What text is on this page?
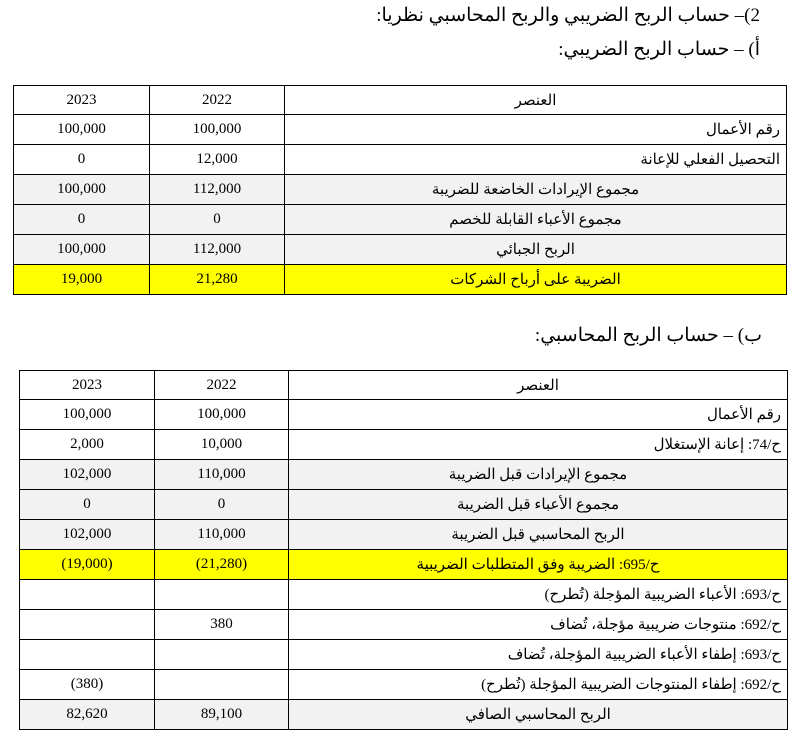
2)– حساب الربح الضريبي والربح المحاسبي نظريا:
أ) – حساب الربح الضريبي:
2023	2022	العنصر
100,000	100,000	رقم الأعمال
0	12,000	التحصيل الفعلي للإعانة
100,000	112,000	مجموع الإيرادات الخاضعة للضريبة
0	0	مجموع الأعباء القابلة للخصم
100,000	112,000	الربح الجبائي
19,000	21,280	الضريبة على أرباح الشركات
ب) – حساب الربح المحاسبي:
2023	2022	العنصر
100,000	100,000	رقم الأعمال
2,000	10,000	ح/74: إعانة الإستغلال
102,000	110,000	مجموع الإيرادات قبل الضريبة
0	0	مجموع الأعباء قبل الضريبة
102,000	110,000	الربح المحاسبي قبل الضريبة
(19,000)	(21,280)	ح/695: الضريبة وفق المتطلبات الضريبية
		ح/693: الأعباء الضريبية المؤجلة (تُطرح)
	380	ح/692: منتوجات ضريبية مؤجلة، تُضاف
		ح/693: إطفاء الأعباء الضريبية المؤجلة، تُضاف
(380)		ح/692: إطفاء المنتوجات الضريبية المؤجلة (تُطرح)
82,620	89,100	الربح المحاسبي الصافي
